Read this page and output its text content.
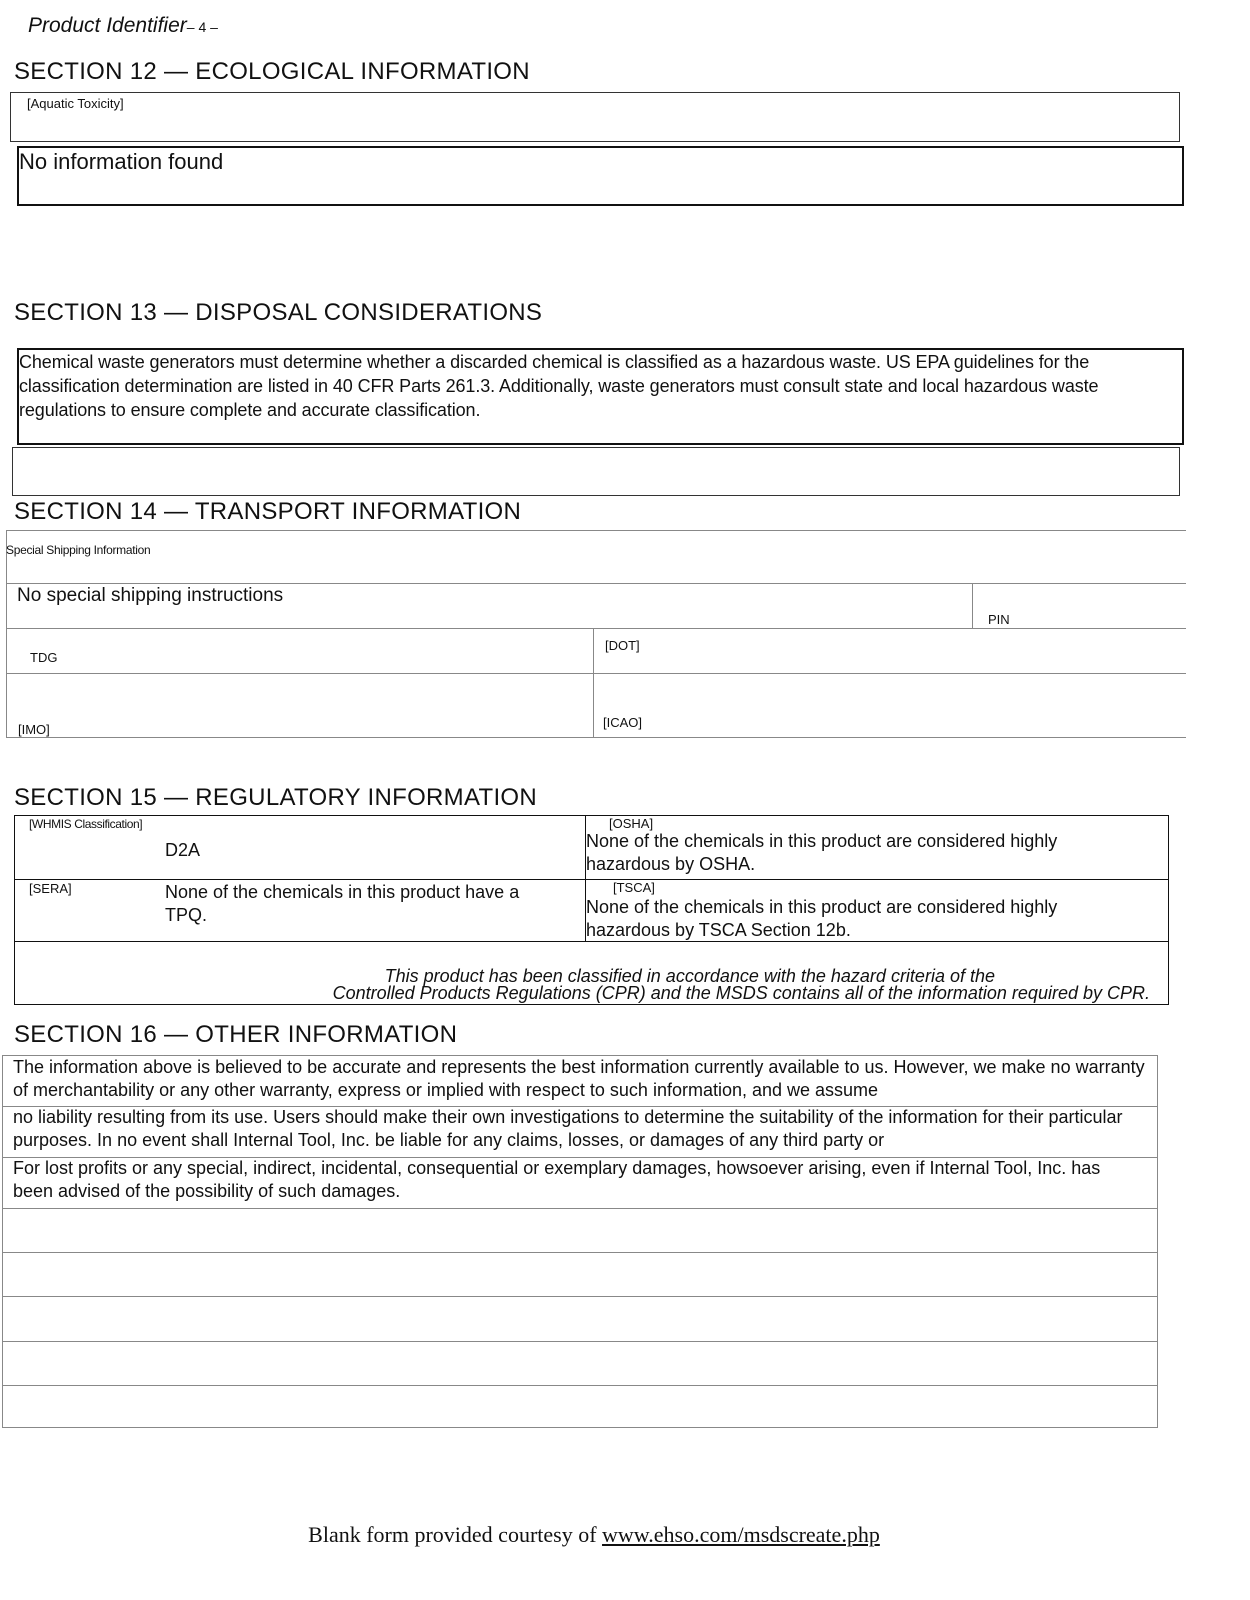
Product Identifier– 4 –
SECTION 12 — ECOLOGICAL INFORMATION
[Aquatic Toxicity]
No information found
SECTION 13 — DISPOSAL CONSIDERATIONS
Chemical waste generators must determine whether a discarded chemical is classified as a hazardous waste. US EPA guidelines for the classification determination are listed in 40 CFR Parts 261.3. Additionally, waste generators must consult state and local hazardous waste regulations to ensure complete and accurate classification.
SECTION 14 — TRANSPORT INFORMATION
Special Shipping Information
No special shipping instructions
PIN
TDG
[DOT]
[IMO]	[ICAO]
SECTION 15 — REGULATORY INFORMATION
[WHMIS Classification]
D2A
[OSHA]
None of the chemicals in this product are considered highly hazardous by OSHA.
[SERA]	None of the chemicals in this product have a TPQ.
[TSCA]
None of the chemicals in this product are considered highly hazardous by TSCA Section 12b.
This product has been classified in accordance with the hazard criteria of the
Controlled Products Regulations (CPR) and the MSDS contains all of the information required by CPR.
SECTION 16 — OTHER INFORMATION
The information above is believed to be accurate and represents the best information currently available to us. However, we make no warranty of merchantability or any other warranty, express or implied with respect to such information, and we assume
no liability resulting from its use. Users should make their own investigations to determine the suitability of the information for their particular purposes. In no event shall Internal Tool, Inc. be liable for any claims, losses, or damages of any third party or
For lost profits or any special, indirect, incidental, consequential or exemplary damages, howsoever arising, even if Internal Tool, Inc. has been advised of the possibility of such damages.
Blank form provided courtesy of www.ehso.com/msdscreate.php
